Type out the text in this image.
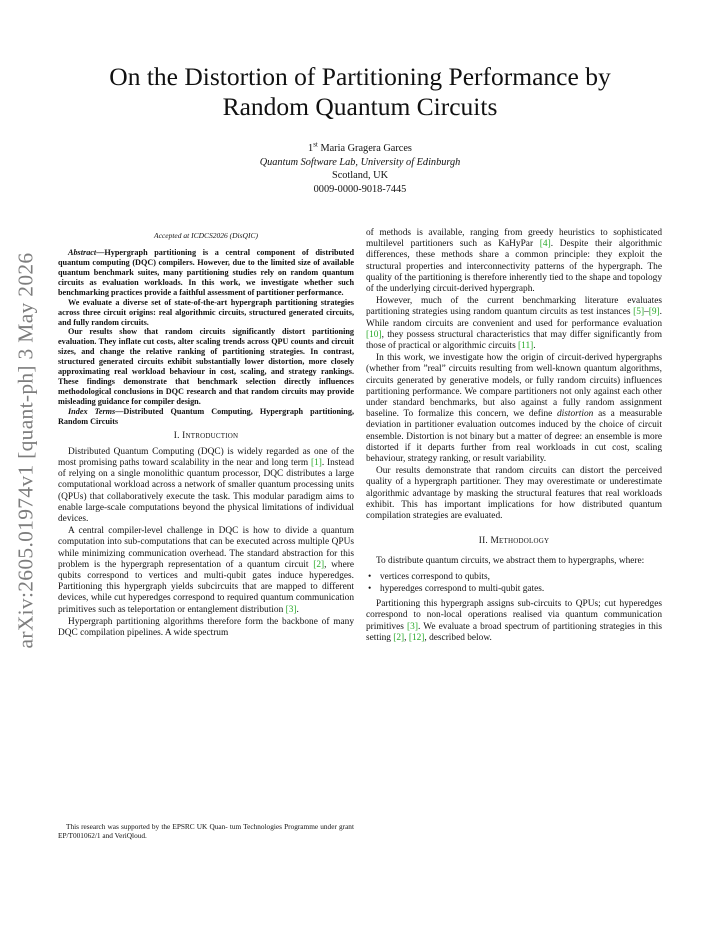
arXiv:2605.01974v1 [quant-ph] 3 May 2026
On the Distortion of Partitioning Performance by
Random Quantum Circuits
1st Maria Gragera Garces
Quantum Software Lab, University of Edinburgh
Scotland, UK
0009-0000-9018-7445
Accepted at ICDCS2026 (DisQIC)

Abstract—Hypergraph partitioning is a central component of distributed quantum computing (DQC) compilers. However, due to the limited size of available quantum benchmark suites, many partitioning studies rely on random quantum circuits as evaluation workloads. In this work, we investigate whether such benchmarking practices provide a faithful assessment of partitioner performance.

We evaluate a diverse set of state-of-the-art hypergraph partitioning strategies across three circuit origins: real algorithmic circuits, structured generated circuits, and fully random circuits.

Our results show that random circuits significantly distort partitioning evaluation. They inflate cut costs, alter scaling trends across QPU counts and circuit sizes, and change the relative ranking of partitioning strategies. In contrast, structured generated circuits exhibit substantially lower distortion, more closely approximating real workload behaviour in cost, scaling, and strategy rankings. These findings demonstrate that benchmark selection directly influences methodological conclusions in DQC research and that random circuits may provide misleading guidance for compiler design.

Index Terms—Distributed Quantum Computing, Hypergraph partitioning, Random Circuits

I. Introduction

Distributed Quantum Computing (DQC) is widely regarded as one of the most promising paths toward scalability in the near and long term [1]. Instead of relying on a single monolithic quantum processor, DQC distributes a large computational workload across a network of smaller quantum processing units (QPUs) that collaboratively execute the task. This modular paradigm aims to enable large-scale computations beyond the physical limitations of individual devices.

A central compiler-level challenge in DQC is how to divide a quantum computation into sub-computations that can be executed across multiple QPUs while minimizing communication overhead. The standard abstraction for this problem is the hypergraph representation of a quantum circuit [2], where qubits correspond to vertices and multi-qubit gates induce hyperedges. Partitioning this hypergraph yields subcircuits that are mapped to different devices, while cut hyperedges correspond to required quantum communication primitives such as teleportation or entanglement distribution [3].

Hypergraph partitioning algorithms therefore form the backbone of many DQC compilation pipelines. A wide spectrum

This research was supported by the EPSRC UK Quan- tum Technologies Programme under grant EP/T001062/1 and VeriQloud.

of methods is available, ranging from greedy heuristics to sophisticated multilevel partitioners such as KaHyPar [4]. Despite their algorithmic differences, these methods share a common principle: they exploit the structural properties and interconnectivity patterns of the hypergraph. The quality of the partitioning is therefore inherently tied to the shape and topology of the underlying circuit-derived hypergraph.

However, much of the current benchmarking literature evaluates partitioning strategies using random quantum circuits as test instances [5]–[9]. While random circuits are convenient and used for performance evaluation [10], they possess structural characteristics that may differ significantly from those of practical or algorithmic circuits [11].

In this work, we investigate how the origin of circuit-derived hypergraphs (whether from ”real” circuits resulting from well-known quantum algorithms, circuits generated by generative models, or fully random circuits) influences partitioning performance. We compare partitioners not only against each other under standard benchmarks, but also against a fully random assignment baseline. To formalize this concern, we define distortion as a measurable deviation in partitioner evaluation outcomes induced by the choice of circuit ensemble. Distortion is not binary but a matter of degree: an ensemble is more distorted if it departs further from real workloads in cut cost, scaling behaviour, strategy ranking, or result variability.

Our results demonstrate that random circuits can distort the perceived quality of a hypergraph partitioner. They may overestimate or underestimate algorithmic advantage by masking the structural features that real workloads exhibit. This has important implications for how distributed quantum compilation strategies are evaluated.

II. Methodology

To distribute quantum circuits, we abstract them to hypergraphs, where:

• vertices correspond to qubits,
• hyperedges correspond to multi-qubit gates.

Partitioning this hypergraph assigns sub-circuits to QPUs; cut hyperedges correspond to non-local operations realised via quantum communication primitives [3]. We evaluate a broad spectrum of partitioning strategies in this setting [2], [12], described below.
